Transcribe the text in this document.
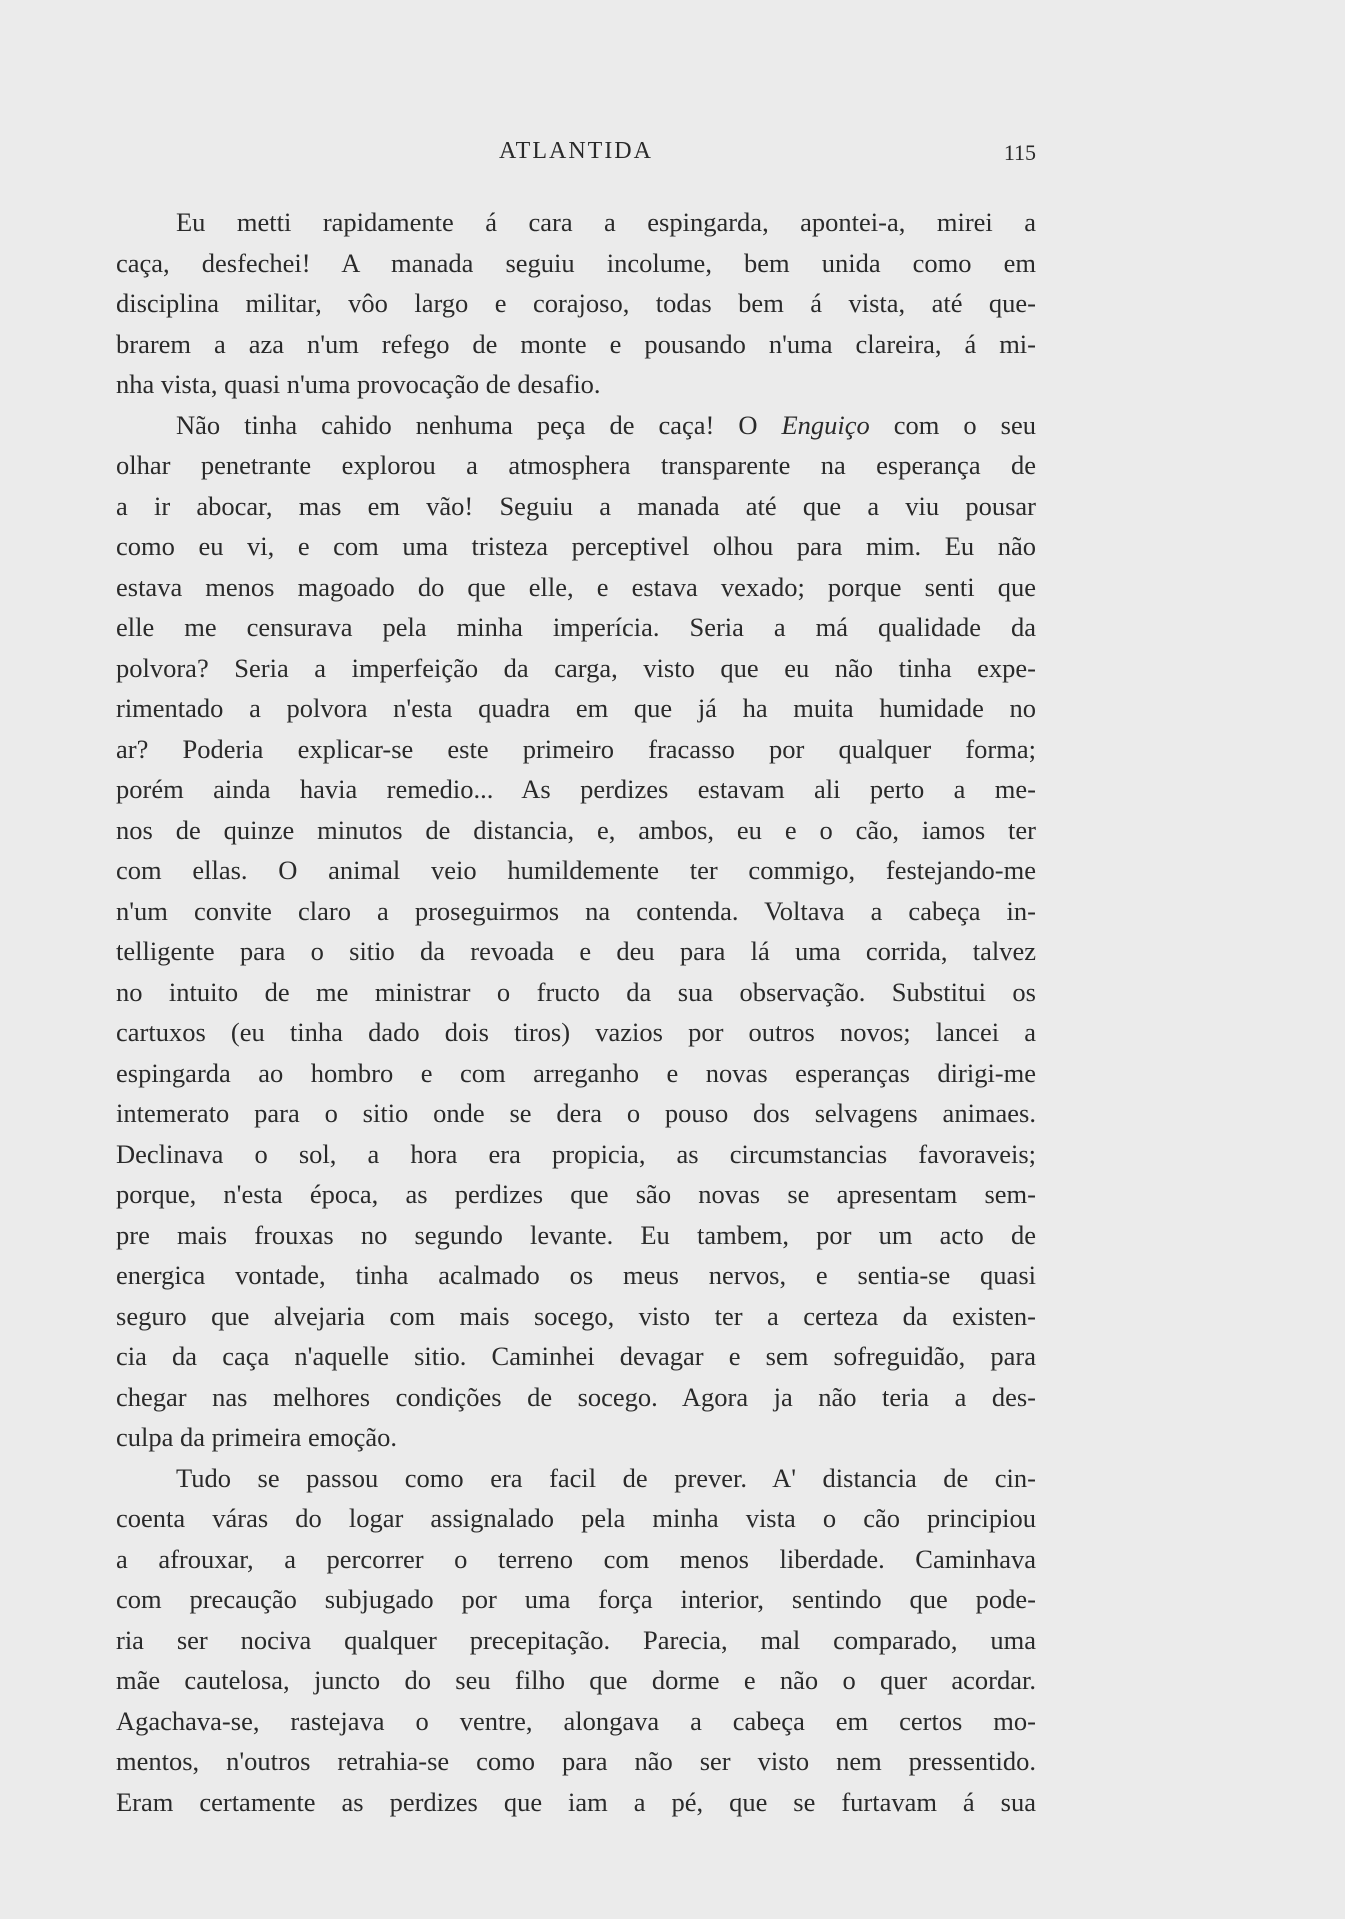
ATLANTIDA	115
Eu metti rapidamente á cara a espingarda, apontei-a, mirei a
caça, desfechei! A manada seguiu incolume, bem unida como em
disciplina militar, vôo largo e corajoso, todas bem á vista, até que-
brarem a aza n'um refego de monte e pousando n'uma clareira, á mi-
nha vista, quasi n'uma provocação de desafio.
Não tinha cahido nenhuma peça de caça! O Enguiço com o seu
olhar penetrante explorou a atmosphera transparente na esperança de
a ir abocar, mas em vão! Seguiu a manada até que a viu pousar
como eu vi, e com uma tristeza perceptivel olhou para mim. Eu não
estava menos magoado do que elle, e estava vexado; porque senti que
elle me censurava pela minha imperícia. Seria a má qualidade da
polvora? Seria a imperfeição da carga, visto que eu não tinha expe-
rimentado a polvora n'esta quadra em que já ha muita humidade no
ar? Poderia explicar-se este primeiro fracasso por qualquer forma;
porém ainda havia remedio... As perdizes estavam ali perto a me-
nos de quinze minutos de distancia, e, ambos, eu e o cão, iamos ter
com ellas. O animal veio humildemente ter commigo, festejando-me
n'um convite claro a proseguirmos na contenda. Voltava a cabeça in-
telligente para o sitio da revoada e deu para lá uma corrida, talvez
no intuito de me ministrar o fructo da sua observação. Substitui os
cartuxos (eu tinha dado dois tiros) vazios por outros novos; lancei a
espingarda ao hombro e com arreganho e novas esperanças dirigi-me
intemerato para o sitio onde se dera o pouso dos selvagens animaes.
Declinava o sol, a hora era propicia, as circumstancias favoraveis;
porque, n'esta época, as perdizes que são novas se apresentam sem-
pre mais frouxas no segundo levante. Eu tambem, por um acto de
energica vontade, tinha acalmado os meus nervos, e sentia-se quasi
seguro que alvejaria com mais socego, visto ter a certeza da existen-
cia da caça n'aquelle sitio. Caminhei devagar e sem sofreguidão, para
chegar nas melhores condições de socego. Agora ja não teria a des-
culpa da primeira emoção.
Tudo se passou como era facil de prever. A' distancia de cin-
coenta váras do logar assignalado pela minha vista o cão principiou
a afrouxar, a percorrer o terreno com menos liberdade. Caminhava
com precaução subjugado por uma força interior, sentindo que pode-
ria ser nociva qualquer precepitação. Parecia, mal comparado, uma
mãe cautelosa, juncto do seu filho que dorme e não o quer acordar.
Agachava-se, rastejava o ventre, alongava a cabeça em certos mo-
mentos, n'outros retrahia-se como para não ser visto nem pressentido.
Eram certamente as perdizes que iam a pé, que se furtavam á sua
